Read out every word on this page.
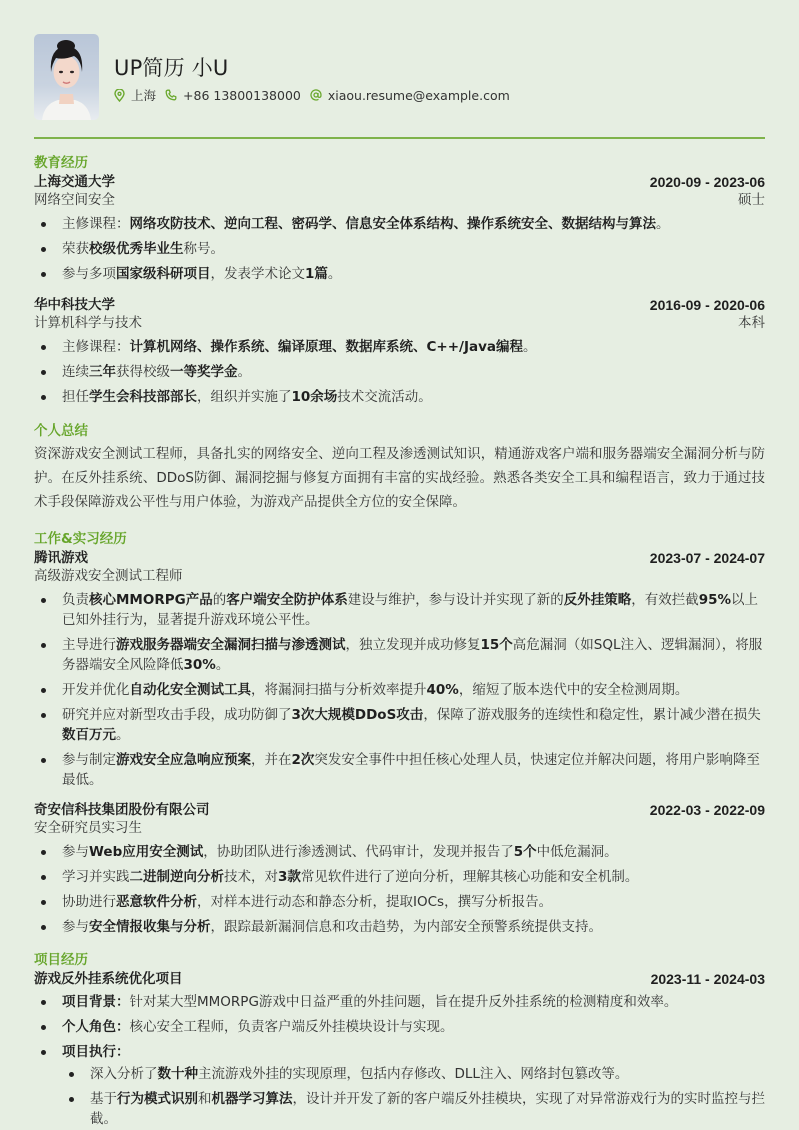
UP简历 小U
上海 +86 13800138000 xiaou.resume@example.com
教育经历
上海交通大学	2020-09 - 2023-06
网络空间安全	硕士
主修课程：网络攻防技术、逆向工程、密码学、信息安全体系结构、操作系统安全、数据结构与算法。
荣获校级优秀毕业生称号。
参与多项国家级科研项目，发表学术论文1篇。
华中科技大学	2016-09 - 2020-06
计算机科学与技术	本科
主修课程：计算机网络、操作系统、编译原理、数据库系统、C++/Java编程。
连续三年获得校级一等奖学金。
担任学生会科技部部长，组织并实施了10余场技术交流活动。
个人总结
资深游戏安全测试工程师，具备扎实的网络安全、逆向工程及渗透测试知识，精通游戏客户端和服务器端安全漏洞分析与防护。在反外挂系统、DDoS防御、漏洞挖掘与修复方面拥有丰富的实战经验。熟悉各类安全工具和编程语言，致力于通过技术手段保障游戏公平性与用户体验，为游戏产品提供全方位的安全保障。
工作&实习经历
腾讯游戏	2023-07 - 2024-07
高级游戏安全测试工程师
负责核心MMORPG产品的客户端安全防护体系建设与维护，参与设计并实现了新的反外挂策略，有效拦截95%以上已知外挂行为，显著提升游戏环境公平性。
主导进行游戏服务器端安全漏洞扫描与渗透测试，独立发现并成功修复15个高危漏洞（如SQL注入、逻辑漏洞），将服务器端安全风险降低30%。
开发并优化自动化安全测试工具，将漏洞扫描与分析效率提升40%，缩短了版本迭代中的安全检测周期。
研究并应对新型攻击手段，成功防御了3次大规模DDoS攻击，保障了游戏服务的连续性和稳定性，累计减少潜在损失数百万元。
参与制定游戏安全应急响应预案，并在2次突发安全事件中担任核心处理人员，快速定位并解决问题，将用户影响降至最低。
奇安信科技集团股份有限公司	2022-03 - 2022-09
安全研究员实习生
参与Web应用安全测试，协助团队进行渗透测试、代码审计，发现并报告了5个中低危漏洞。
学习并实践二进制逆向分析技术，对3款常见软件进行了逆向分析，理解其核心功能和安全机制。
协助进行恶意软件分析，对样本进行动态和静态分析，提取IOCs，撰写分析报告。
参与安全情报收集与分析，跟踪最新漏洞信息和攻击趋势，为内部安全预警系统提供支持。
项目经历
游戏反外挂系统优化项目	2023-11 - 2024-03
项目背景：针对某大型MMORPG游戏中日益严重的外挂问题，旨在提升反外挂系统的检测精度和效率。
个人角色：核心安全工程师，负责客户端反外挂模块设计与实现。
项目执行：
深入分析了数十种主流游戏外挂的实现原理，包括内存修改、DLL注入、网络封包篡改等。
基于行为模式识别和机器学习算法，设计并开发了新的客户端反外挂模块，实现了对异常游戏行为的实时监控与拦截。
